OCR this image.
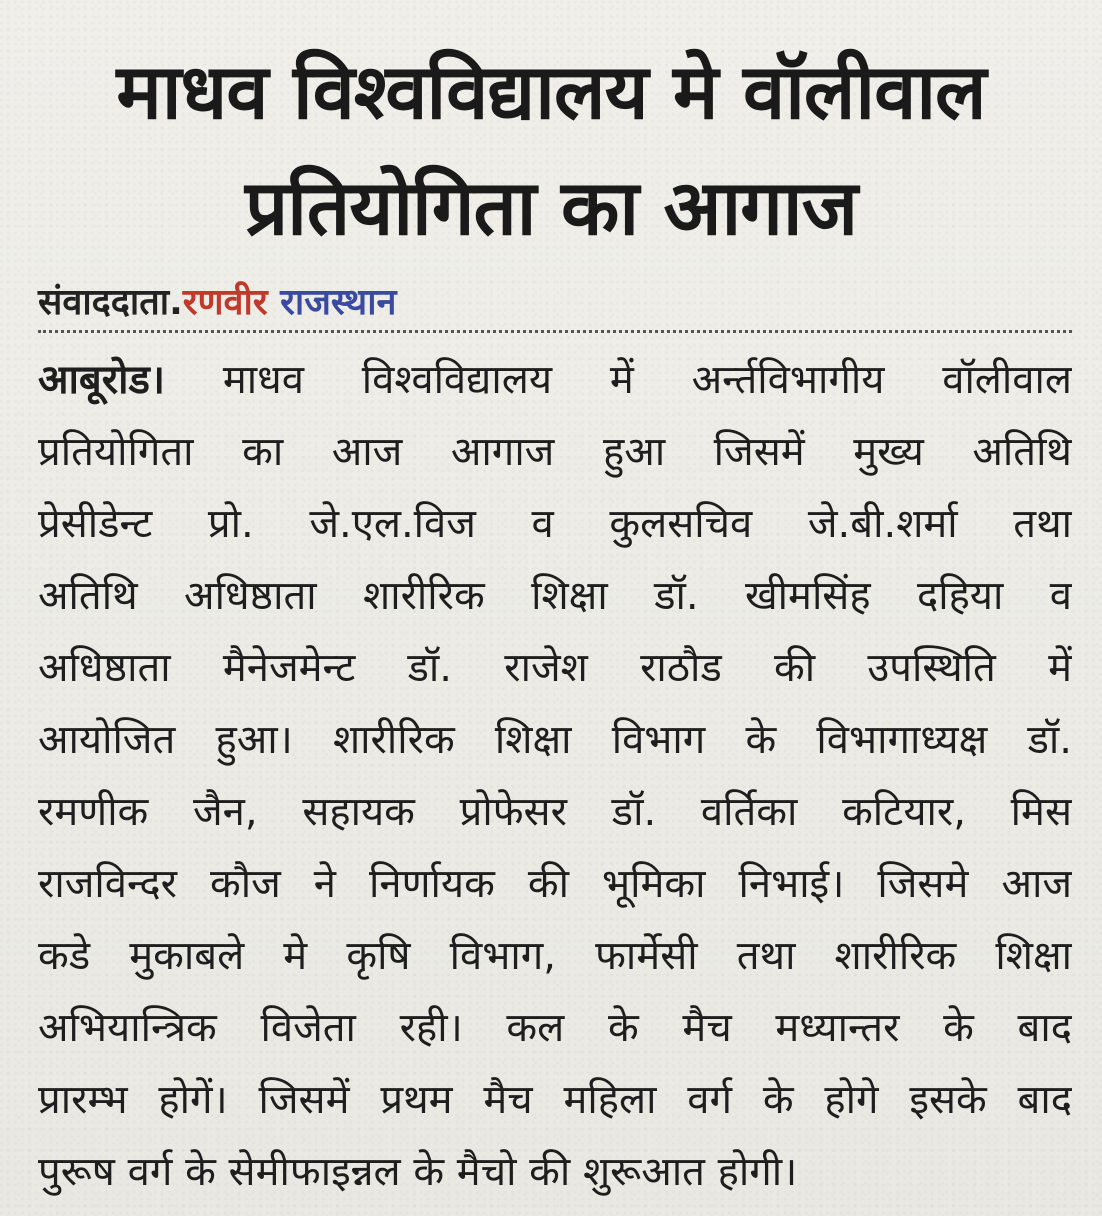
माधव विश्वविद्यालय मे वॉलीवाल
प्रतियोगिता का आगाज
संवाददाता.रणवीर राजस्थान
आबूरोड। माधव विश्वविद्यालय में अर्न्तविभागीय वॉलीवाल
प्रतियोगिता का आज आगाज हुआ जिसमें मुख्य अतिथि
प्रेसीडेन्ट प्रो. जे.एल.विज व कुलसचिव जे.बी.शर्मा तथा
अतिथि अधिष्ठाता शारीरिक शिक्षा डॉ. खीमसिंह दहिया व
अधिष्ठाता मैनेजमेन्ट डॉ. राजेश राठौड की उपस्थिति में
आयोजित हुआ। शारीरिक शिक्षा विभाग के विभागाध्यक्ष डॉ.
रमणीक जैन, सहायक प्रोफेसर डॉ. वर्तिका कटियार, मिस
राजविन्दर कौज ने निर्णायक की भूमिका निभाई। जिसमे आज
कडे मुकाबले मे कृषि विभाग, फार्मेसी तथा शारीरिक शिक्षा
अभियान्त्रिक विजेता रही। कल के मैच मध्यान्तर के बाद
प्रारम्भ होगें। जिसमें प्रथम मैच महिला वर्ग के होगे इसके बाद
पुरूष वर्ग के सेमीफाइन्नल के मैचो की शुरूआत होगी।
